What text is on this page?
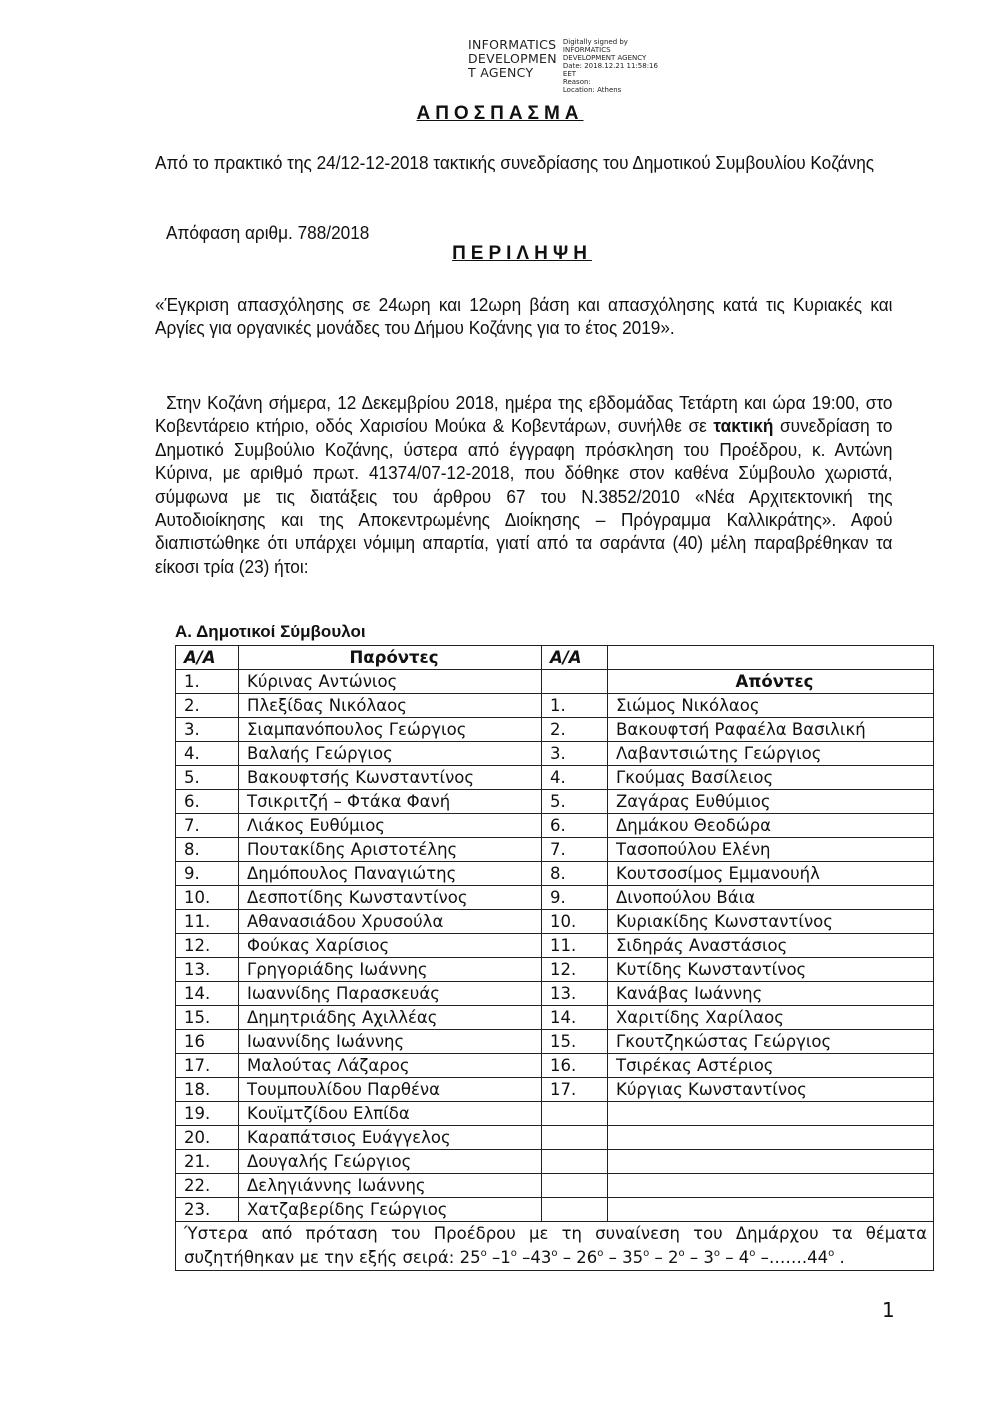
INFORMATICS
DEVELOPMEN
T AGENCY
Digitally signed by
INFORMATICS
DEVELOPMENT AGENCY
Date: 2018.12.21 11:58:16
EET
Reason:
Location: Athens
ΑΠΟΣΠΑΣΜΑ
Από το πρακτικό της 24/12-12-2018 τακτικής συνεδρίασης του Δημοτικού Συμβουλίου Κοζάνης
Απόφαση αριθμ. 788/2018
ΠΕΡΙΛΗΨΗ
«Έγκριση απασχόλησης σε 24ωρη και 12ωρη βάση και απασχόλησης κατά τις Κυριακές και Αργίες για οργανικές μονάδες του Δήμου Κοζάνης για το έτος 2019».
Στην Κοζάνη σήμερα, 12 Δεκεμβρίου 2018, ημέρα της εβδομάδας Τετάρτη και ώρα 19:00, στο Κοβεντάρειο κτήριο, οδός Χαρισίου Μούκα & Κοβεντάρων, συνήλθε σε τακτική συνεδρίαση το Δημοτικό Συμβούλιο Κοζάνης, ύστερα από έγγραφη πρόσκληση του Προέδρου, κ. Αντώνη Κύρινα, με αριθμό πρωτ. 41374/07-12-2018, που δόθηκε στον καθένα Σύμβουλο χωριστά, σύμφωνα με τις διατάξεις του άρθρου 67 του Ν.3852/2010 «Νέα Αρχιτεκτονική της Αυτοδιοίκησης και της Αποκεντρωμένης Διοίκησης – Πρόγραμμα Καλλικράτης». Αφού διαπιστώθηκε ότι υπάρχει νόμιμη απαρτία, γιατί από τα σαράντα (40) μέλη παραβρέθηκαν τα είκοσι τρία (23) ήτοι:
Α. Δημοτικοί Σύμβουλοι
Α/Α	Παρόντες	Α/Α	
1.	Κύρινας Αντώνιος		Απόντες
2.	Πλεξίδας Νικόλαος	1.	Σιώμος Νικόλαος
3.	Σιαμπανόπουλος Γεώργιος	2.	Βακουφτσή Ραφαέλα Βασιλική
4.	Βαλαής Γεώργιος	3.	Λαβαντσιώτης Γεώργιος
5.	Βακουφτσής Κωνσταντίνος	4.	Γκούμας Βασίλειος
6.	Τσικριτζή – Φτάκα Φανή	5.	Ζαγάρας Ευθύμιος
7.	Λιάκος Ευθύμιος	6.	Δημάκου Θεοδώρα
8.	Πουτακίδης Αριστοτέλης	7.	Τασοπούλου Ελένη
9.	Δημόπουλος Παναγιώτης	8.	Κουτσοσίμος Εμμανουήλ
10.	Δεσποτίδης Κωνσταντίνος	9.	Δινοπούλου Βάια
11.	Αθανασιάδου Χρυσούλα	10.	Κυριακίδης Κωνσταντίνος
12.	Φούκας Χαρίσιος	11.	Σιδηράς Αναστάσιος
13.	Γρηγοριάδης Ιωάννης	12.	Κυτίδης Κωνσταντίνος
14.	Ιωαννίδης Παρασκευάς	13.	Κανάβας Ιωάννης
15.	Δημητριάδης Αχιλλέας	14.	Χαριτίδης Χαρίλαος
16	Ιωαννίδης Ιωάννης	15.	Γκουτζηκώστας Γεώργιος
17.	Μαλούτας Λάζαρος	16.	Τσιρέκας Αστέριος
18.	Τουμπουλίδου Παρθένα	17.	Κύργιας Κωνσταντίνος
19.	Κουϊμτζίδου Ελπίδα		
20.	Καραπάτσιος Ευάγγελος		
21.	Δουγαλής Γεώργιος		
22.	Δεληγιάννης Ιωάννης		
23.	Χατζαβερίδης Γεώργιος		
Ύστερα από πρόταση του Προέδρου με τη συναίνεση του Δημάρχου τα θέματα συζητήθηκαν με την εξής σειρά: $25^o$ $-1^o$ $-43^o - 26^o - 35^o - 2^o - 3^o - 4^o$ $-\dots\dots.44^o$ .			
1
